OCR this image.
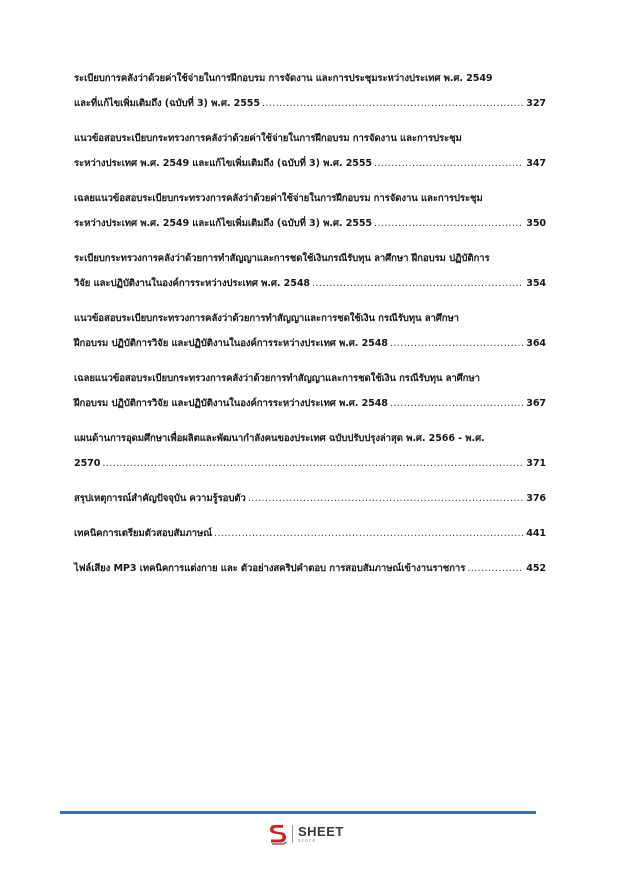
ระเบียบการคลังว่าด้วยค่าใช้จ่ายในการฝึกอบรม การจัดงาน และการประชุมระหว่างประเทศ พ.ศ. 2549
และที่แก้ไขเพิ่มเติมถึง (ฉบับที่ 3) พ.ศ. 2555 .....	327
แนวข้อสอบระเบียบกระทรวงการคลังว่าด้วยค่าใช้จ่ายในการฝึกอบรม การจัดงาน และการประชุม
ระหว่างประเทศ พ.ศ. 2549 และแก้ไขเพิ่มเติมถึง (ฉบับที่ 3) พ.ศ. 2555 .....	347
เฉลยแนวข้อสอบระเบียบกระทรวงการคลังว่าด้วยค่าใช้จ่ายในการฝึกอบรม การจัดงาน และการประชุม
ระหว่างประเทศ พ.ศ. 2549 และแก้ไขเพิ่มเติมถึง (ฉบับที่ 3) พ.ศ. 2555 .....	350
ระเบียบกระทรวงการคลังว่าด้วยการทำสัญญาและการชดใช้เงินกรณีรับทุน ลาศึกษา ฝึกอบรม ปฏิบัติการ
วิจัย และปฏิบัติงานในองค์การระหว่างประเทศ พ.ศ. 2548 .....	354
แนวข้อสอบระเบียบกระทรวงการคลังว่าด้วยการทำสัญญาและการชดใช้เงิน กรณีรับทุน ลาศึกษา
ฝึกอบรม ปฏิบัติการวิจัย และปฏิบัติงานในองค์การระหว่างประเทศ พ.ศ. 2548 .....	364
เฉลยแนวข้อสอบระเบียบกระทรวงการคลังว่าด้วยการทำสัญญาและการชดใช้เงิน กรณีรับทุน ลาศึกษา
ฝึกอบรม ปฏิบัติการวิจัย และปฏิบัติงานในองค์การระหว่างประเทศ พ.ศ. 2548 .....	367
แผนด้านการอุดมศึกษาเพื่อผลิตและพัฒนากำลังคนของประเทศ ฉบับปรับปรุงล่าสุด พ.ศ. 2566 - พ.ศ.
2570 .....	371
สรุปเหตุการณ์สำคัญปัจจุบัน ความรู้รอบตัว .....	376
เทคนิคการเตรียมตัวสอบสัมภาษณ์ .....	441
ไฟล์เสียง MP3 เทคนิคการแต่งกาย และ ตัวอย่างสคริปคำตอบ การสอบสัมภาษณ์เข้างานราชการ .....	452
SHEET
store
